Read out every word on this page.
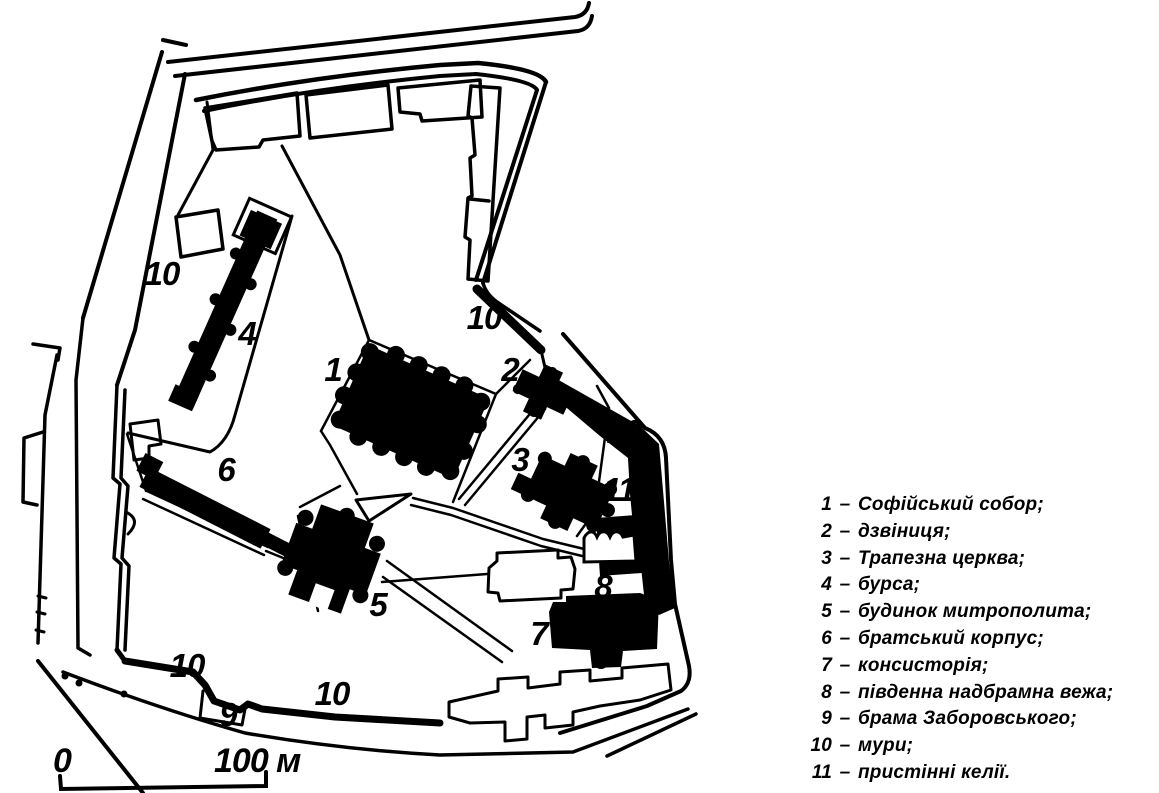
0	100 м
1	2
3
4
5
6
7
8
9
10
10
10
10
10
11	1 – Софійський собор;
2 – дзвіниця;
3 – Трапезна церква;
4 – бурса;
5 – будинок митрополита;
6 – братський корпус;
7 – консисторія;
8 – південна надбрамна вежа;
9 – брама Заборовського;
10 – мури;
11 – пристінні келії.
